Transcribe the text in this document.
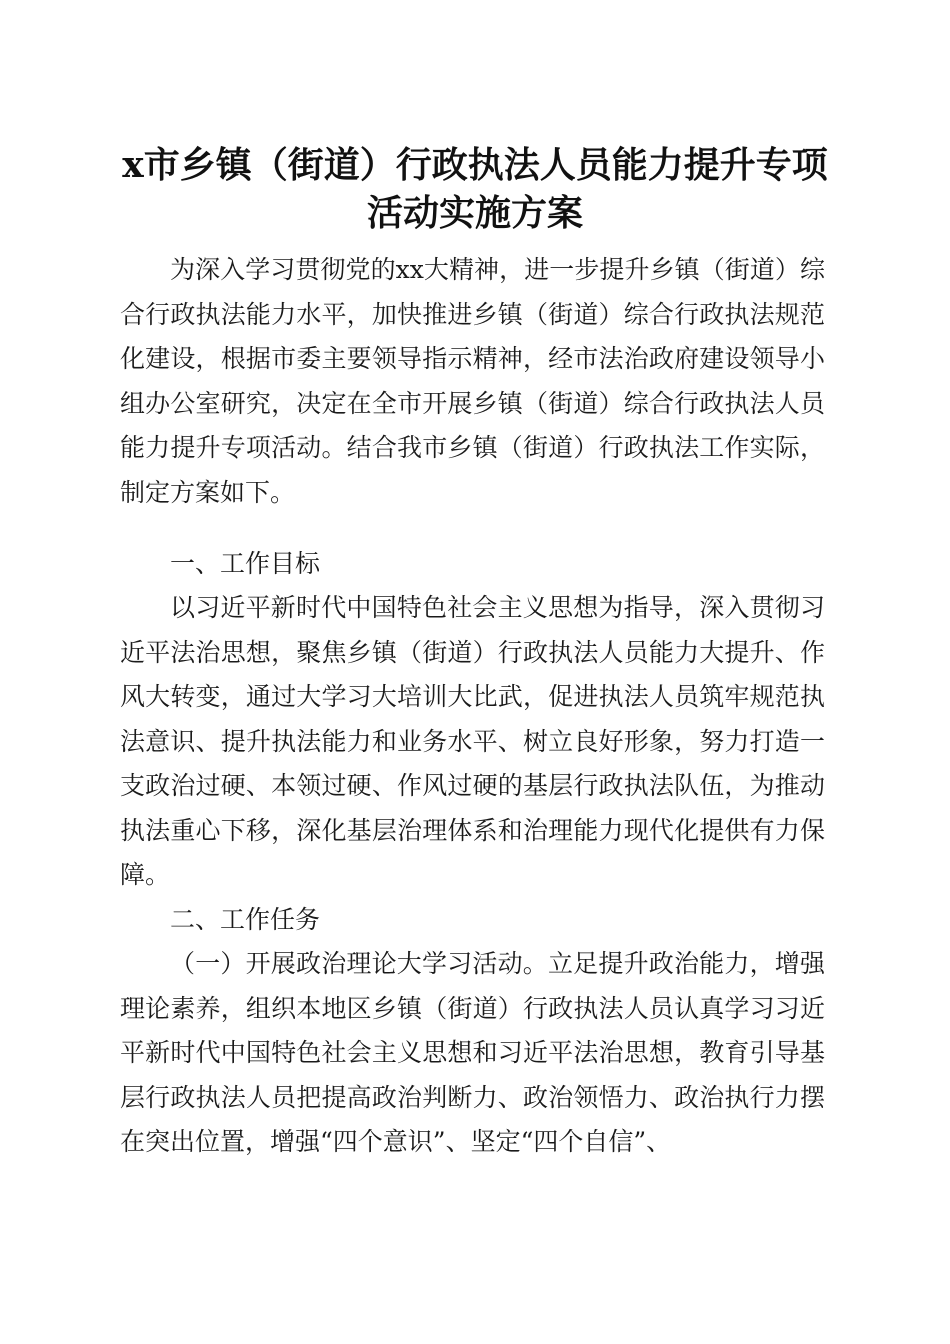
x市乡镇（街道）行政执法人员能力提升专项
活动实施方案

为深入学习贯彻党的xx大精神，进一步提升乡镇（街道）综合行政执法能力水平，加快推进乡镇（街道）综合行政执法规范化建设，根据市委主要领导指示精神，经市法治政府建设领导小组办公室研究，决定在全市开展乡镇（街道）综合行政执法人员能力提升专项活动。结合我市乡镇（街道）行政执法工作实际，制定方案如下。

一、工作目标

以习近平新时代中国特色社会主义思想为指导，深入贯彻习近平法治思想，聚焦乡镇（街道）行政执法人员能力大提升、作风大转变，通过大学习大培训大比武，促进执法人员筑牢规范执法意识、提升执法能力和业务水平、树立良好形象，努力打造一支政治过硬、本领过硬、作风过硬的基层行政执法队伍，为推动执法重心下移，深化基层治理体系和治理能力现代化提供有力保障。

二、工作任务

（一）开展政治理论大学习活动。立足提升政治能力，增强理论素养，组织本地区乡镇（街道）行政执法人员认真学习习近平新时代中国特色社会主义思想和习近平法治思想，教育引导基层行政执法人员把提高政治判断力、政治领悟力、政治执行力摆在突出位置，增强“四个意识”、坚定“四个自信”、
